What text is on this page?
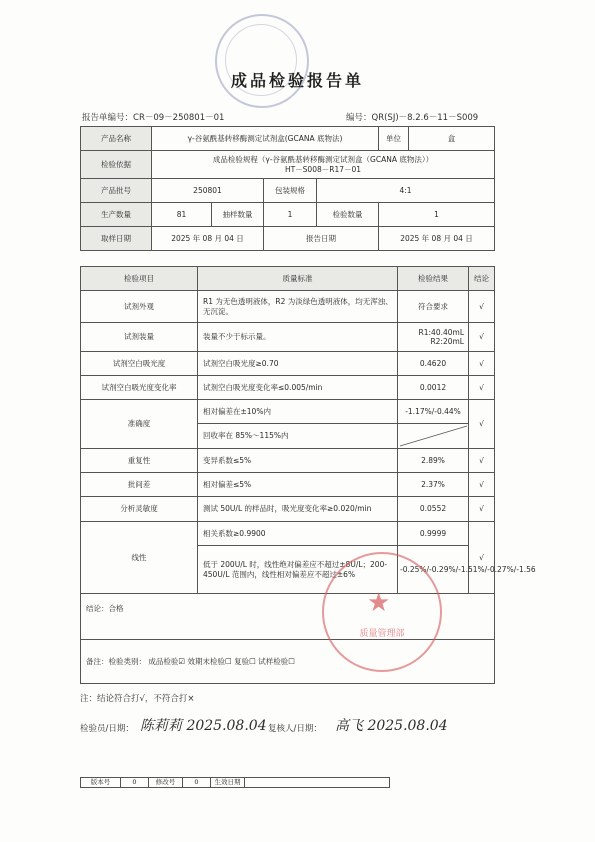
成品检验报告单
报告单编号：CR－09－250801－01	编号：QR(SJ)－8.2.6－11－S009
产品名称	γ-谷氨酰基转移酶测定试剂盒(GCANA 底物法)				单位	盒
检验依据	成品检验规程（γ-谷氨酰基转移酶测定试剂盒（GCANA 底物法））
HT－S008－R17－01					

产品批号	250801		包装规格	4:1		
生产数量	81	抽样数量	1	检验数量	1	
取样日期	2025 年 08 月 04 日		报告日期		2025 年 08 月 04 日	
检验项目	质量标准	检验结果	结论
试剂外观	R1 为无色透明液体，R2 为淡绿色透明液体，均无浑浊、无沉淀。	符合要求	√
试剂装量	装量不少于标示量。	R1:40.40mL
R2:20mL	√
试剂空白吸光度	试剂空白吸光度≥0.70	0.4620	√
试剂空白吸光度变化率	试剂空白吸光度变化率≤0.005/min	0.0012	√
准确度	相对偏差在±10%内	-1.17%/-0.44%	√
	回收率在 85%～115%内	

重复性	变异系数≤5%	2.89%	√
批间差	相对偏差≤5%	2.37%	√
分析灵敏度	测试 50U/L 的样品时，吸光度变化率≥0.020/min	0.0552	√
线性	相关系数≥0.9900	0.9999	√
	低于 200U/L 时，线性绝对偏差应不超过±8U/L；200-450U/L 范围内，线性相对偏差应不超过±6%	-0.25%/-0.29%/-1.51%/-0.27%/-1.56	
结论：合格			
备注：检验类别： 成品检验☑ 效期末检验☐ 复验☐ 试样检验☐			
★
质量管理部
注：结论符合打√，不符合打×
检验员/日期： 陈莉莉 2025.08.04 复核人/日期： 高飞 2025.08.04
版本号	0	修改号	0	生效日期	
